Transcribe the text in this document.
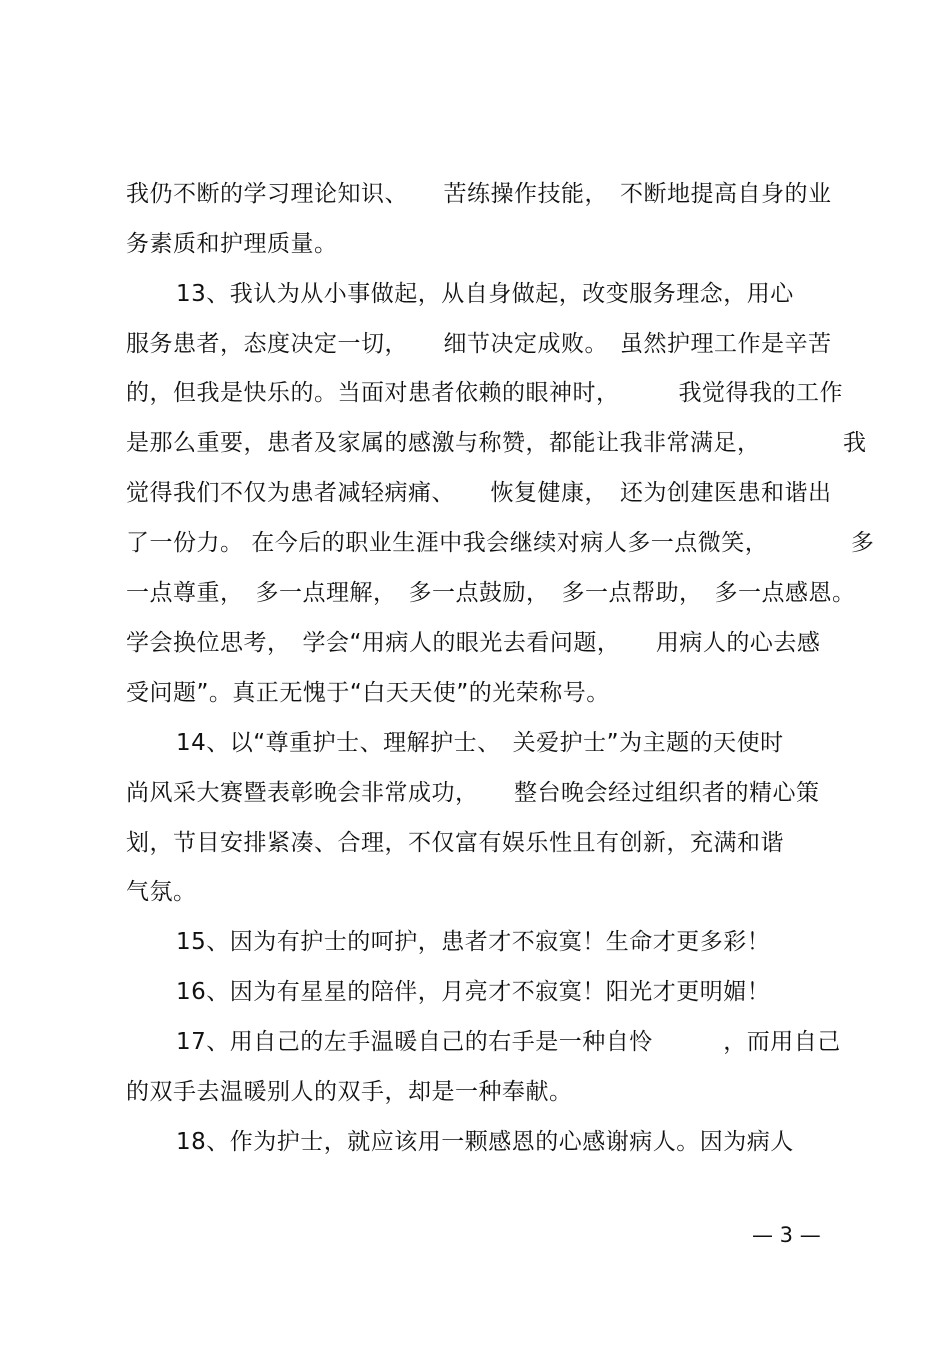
我仍不断的学习理论知识、　　苦练操作技能，　不断地提高自身的业
务素质和护理质量。
13、我认为从小事做起，从自身做起，改变服务理念，用心
服务患者，态度决定一切，　　细节决定成败。　虽然护理工作是辛苦
的，但我是快乐的。当面对患者依赖的眼神时，　　　我觉得我的工作
是那么重要，患者及家属的感激与称赞，都能让我非常满足，　　　　我
觉得我们不仅为患者减轻病痛、　　恢复健康，　还为创建医患和谐出
了一份力。 在今后的职业生涯中我会继续对病人多一点微笑，　　　　多
一点尊重，　多一点理解，　多一点鼓励，　多一点帮助，　多一点感恩。
学会换位思考，　学会“用病人的眼光去看问题，　　用病人的心去感
受问题”。真正无愧于“白天天使”的光荣称号。
14、以“尊重护士、理解护士、　关爱护士”为主题的天使时
尚风采大赛暨表彰晚会非常成功，　　整台晚会经过组织者的精心策
划，节目安排紧凑、合理，不仅富有娱乐性且有创新，充满和谐
气氛。
15、因为有护士的呵护，患者才不寂寞！生命才更多彩！
16、因为有星星的陪伴，月亮才不寂寞！阳光才更明媚！
17、用自己的左手温暖自己的右手是一种自怜　　　，而用自己
的双手去温暖别人的双手，却是一种奉献。
18、作为护士，就应该用一颗感恩的心感谢病人。因为病人
— 3 —
